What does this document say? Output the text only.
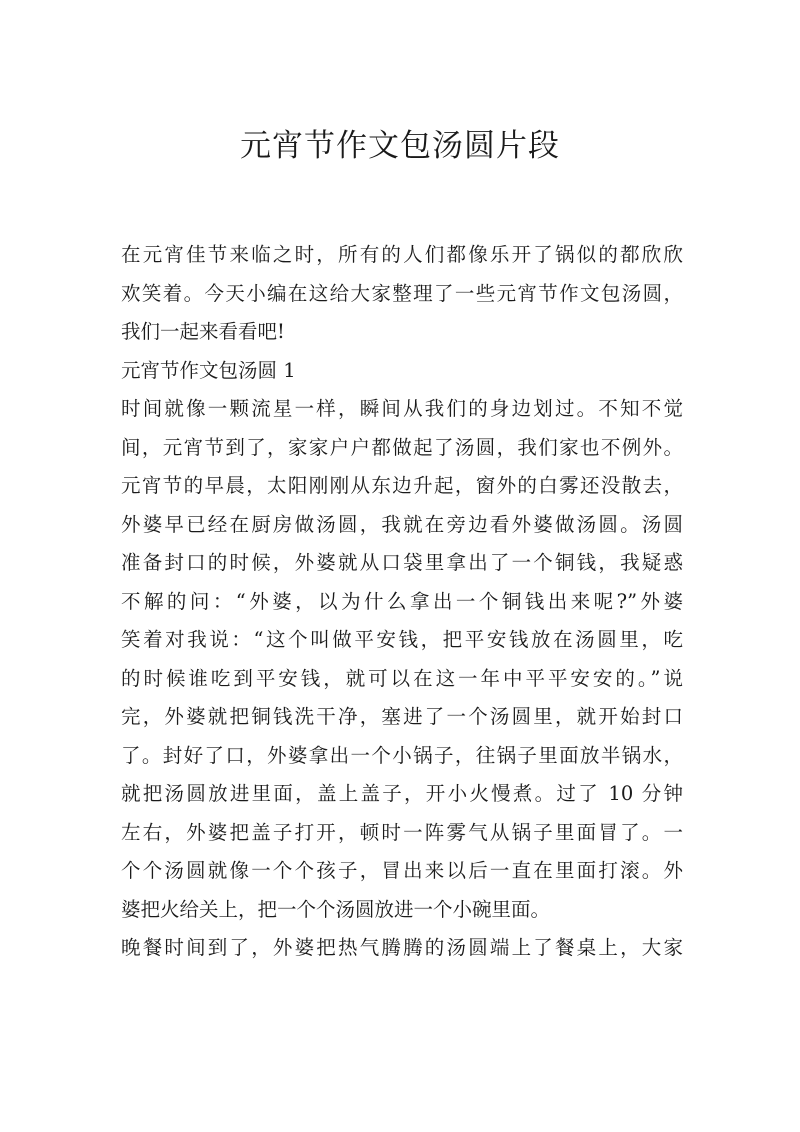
元宵节作文包汤圆片段

在元宵佳节来临之时，所有的人们都像乐开了锅似的都欣欣
欢笑着。今天小编在这给大家整理了一些元宵节作文包汤圆，
我们一起来看看吧!

元宵节作文包汤圆 1

时间就像一颗流星一样，瞬间从我们的身边划过。不知不觉
间，元宵节到了，家家户户都做起了汤圆，我们家也不例外。
元宵节的早晨，太阳刚刚从东边升起，窗外的白雾还没散去，
外婆早已经在厨房做汤圆，我就在旁边看外婆做汤圆。汤圆
准备封口的时候，外婆就从口袋里拿出了一个铜钱，我疑惑
不解的问：“外婆，以为什么拿出一个铜钱出来呢?”外婆
笑着对我说：“这个叫做平安钱，把平安钱放在汤圆里，吃
的时候谁吃到平安钱，就可以在这一年中平平安安的。”说
完，外婆就把铜钱洗干净，塞进了一个汤圆里，就开始封口
了。封好了口，外婆拿出一个小锅子，往锅子里面放半锅水，
就把汤圆放进里面，盖上盖子，开小火慢煮。过了 10 分钟
左右，外婆把盖子打开，顿时一阵雾气从锅子里面冒了。一
个个汤圆就像一个个孩子，冒出来以后一直在里面打滚。外
婆把火给关上，把一个个汤圆放进一个小碗里面。

晚餐时间到了，外婆把热气腾腾的汤圆端上了餐桌上，大家
